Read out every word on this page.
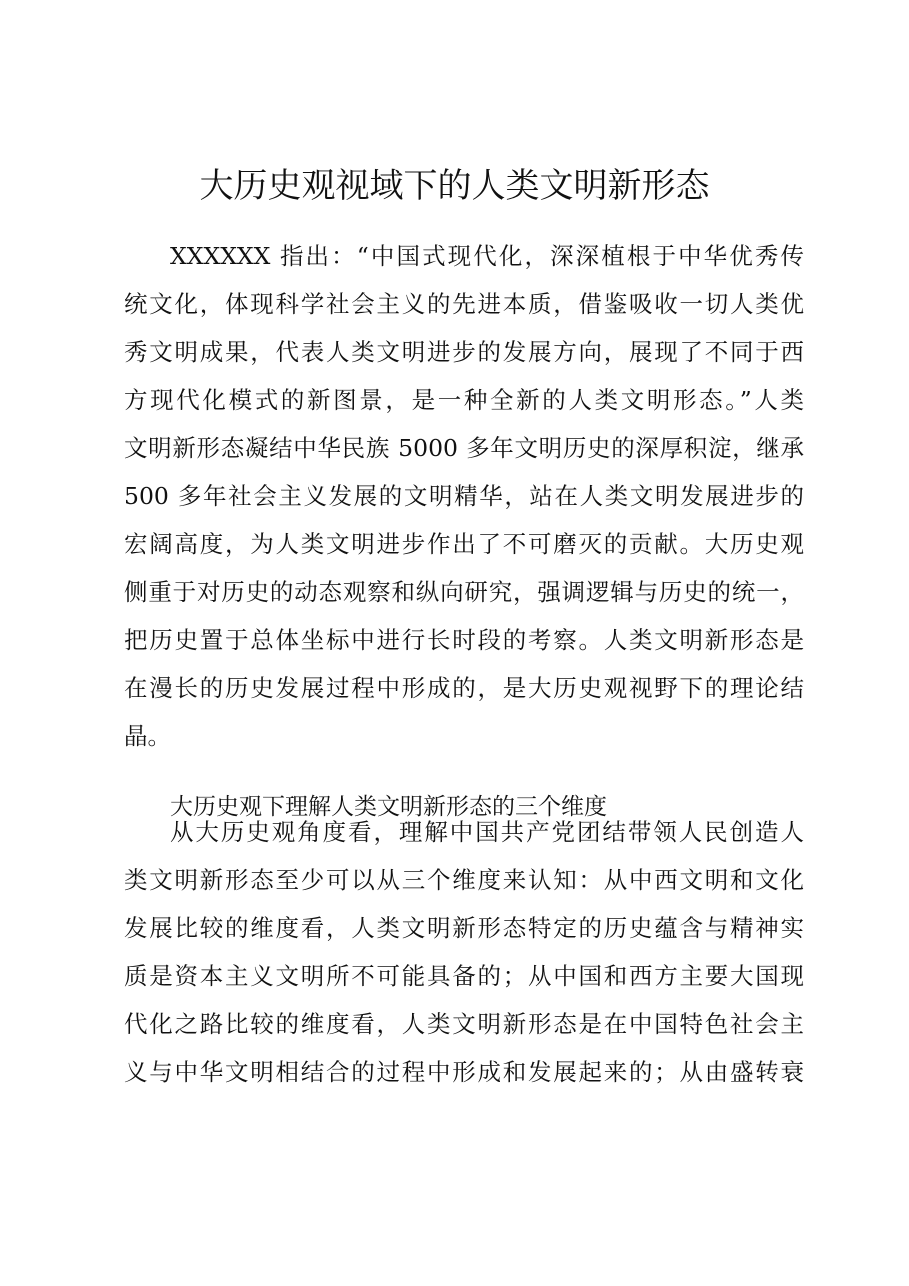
大历史观视域下的人类文明新形态
XXXXXX 指出：“中国式现代化，深深植根于中华优秀传
统文化，体现科学社会主义的先进本质，借鉴吸收一切人类优
秀文明成果，代表人类文明进步的发展方向，展现了不同于西
方现代化模式的新图景，是一种全新的人类文明形态。”人类
文明新形态凝结中华民族 5000 多年文明历史的深厚积淀，继承
500 多年社会主义发展的文明精华，站在人类文明发展进步的
宏阔高度，为人类文明进步作出了不可磨灭的贡献。大历史观
侧重于对历史的动态观察和纵向研究，强调逻辑与历史的统一，
把历史置于总体坐标中进行长时段的考察。人类文明新形态是
在漫长的历史发展过程中形成的，是大历史观视野下的理论结
晶。
大历史观下理解人类文明新形态的三个维度
从大历史观角度看，理解中国共产党团结带领人民创造人
类文明新形态至少可以从三个维度来认知：从中西文明和文化
发展比较的维度看，人类文明新形态特定的历史蕴含与精神实
质是资本主义文明所不可能具备的；从中国和西方主要大国现
代化之路比较的维度看，人类文明新形态是在中国特色社会主
义与中华文明相结合的过程中形成和发展起来的；从由盛转衰
